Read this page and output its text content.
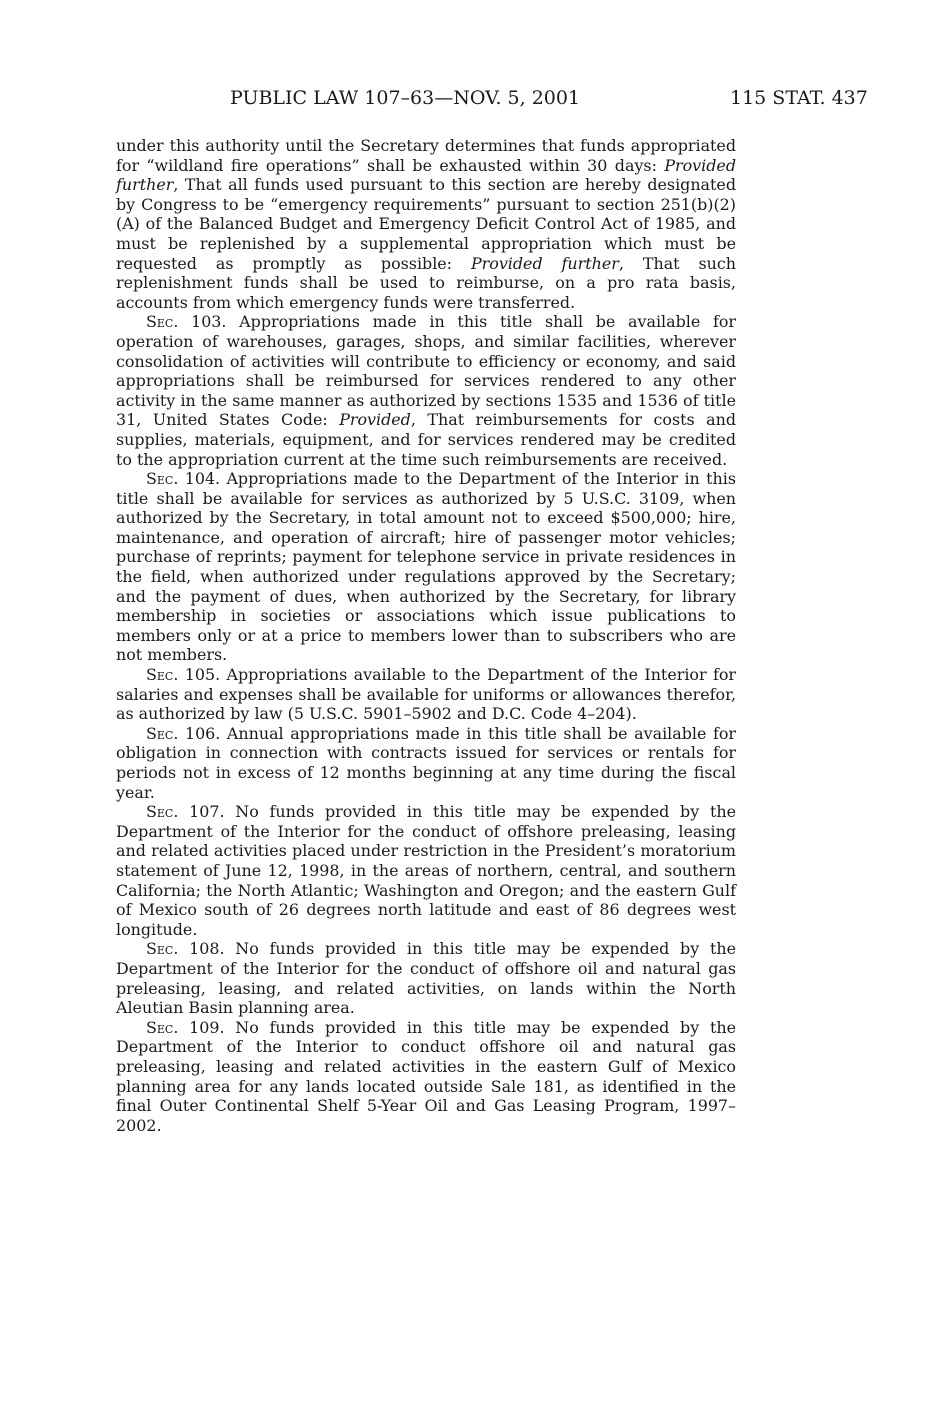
PUBLIC LAW 107–63—NOV. 5, 2001	115 STAT. 437

under this authority until the Secretary determines that funds appropriated for “wildland fire operations” shall be exhausted within 30 days: Provided further, That all funds used pursuant to this section are hereby designated by Congress to be “emergency requirements” pursuant to section 251(b)(2)(A) of the Balanced Budget and Emergency Deficit Control Act of 1985, and must be replenished by a supplemental appropriation which must be requested as promptly as possible: Provided further, That such replenishment funds shall be used to reimburse, on a pro rata basis, accounts from which emergency funds were transferred.

Sec. 103. Appropriations made in this title shall be available for operation of warehouses, garages, shops, and similar facilities, wherever consolidation of activities will contribute to efficiency or economy, and said appropriations shall be reimbursed for services rendered to any other activity in the same manner as authorized by sections 1535 and 1536 of title 31, United States Code: Provided, That reimbursements for costs and supplies, materials, equipment, and for services rendered may be credited to the appropriation current at the time such reimbursements are received.

Sec. 104. Appropriations made to the Department of the Interior in this title shall be available for services as authorized by 5 U.S.C. 3109, when authorized by the Secretary, in total amount not to exceed $500,000; hire, maintenance, and operation of aircraft; hire of passenger motor vehicles; purchase of reprints; payment for telephone service in private residences in the field, when authorized under regulations approved by the Secretary; and the payment of dues, when authorized by the Secretary, for library membership in societies or associations which issue publications to members only or at a price to members lower than to subscribers who are not members.

Sec. 105. Appropriations available to the Department of the Interior for salaries and expenses shall be available for uniforms or allowances therefor, as authorized by law (5 U.S.C. 5901–5902 and D.C. Code 4–204).

Sec. 106. Annual appropriations made in this title shall be available for obligation in connection with contracts issued for services or rentals for periods not in excess of 12 months beginning at any time during the fiscal year.

Sec. 107. No funds provided in this title may be expended by the Department of the Interior for the conduct of offshore preleasing, leasing and related activities placed under restriction in the President’s moratorium statement of June 12, 1998, in the areas of northern, central, and southern California; the North Atlantic; Washington and Oregon; and the eastern Gulf of Mexico south of 26 degrees north latitude and east of 86 degrees west longitude.

Sec. 108. No funds provided in this title may be expended by the Department of the Interior for the conduct of offshore oil and natural gas preleasing, leasing, and related activities, on lands within the North Aleutian Basin planning area.

Sec. 109. No funds provided in this title may be expended by the Department of the Interior to conduct offshore oil and natural gas preleasing, leasing and related activities in the eastern Gulf of Mexico planning area for any lands located outside Sale 181, as identified in the final Outer Continental Shelf 5-Year Oil and Gas Leasing Program, 1997–2002.
